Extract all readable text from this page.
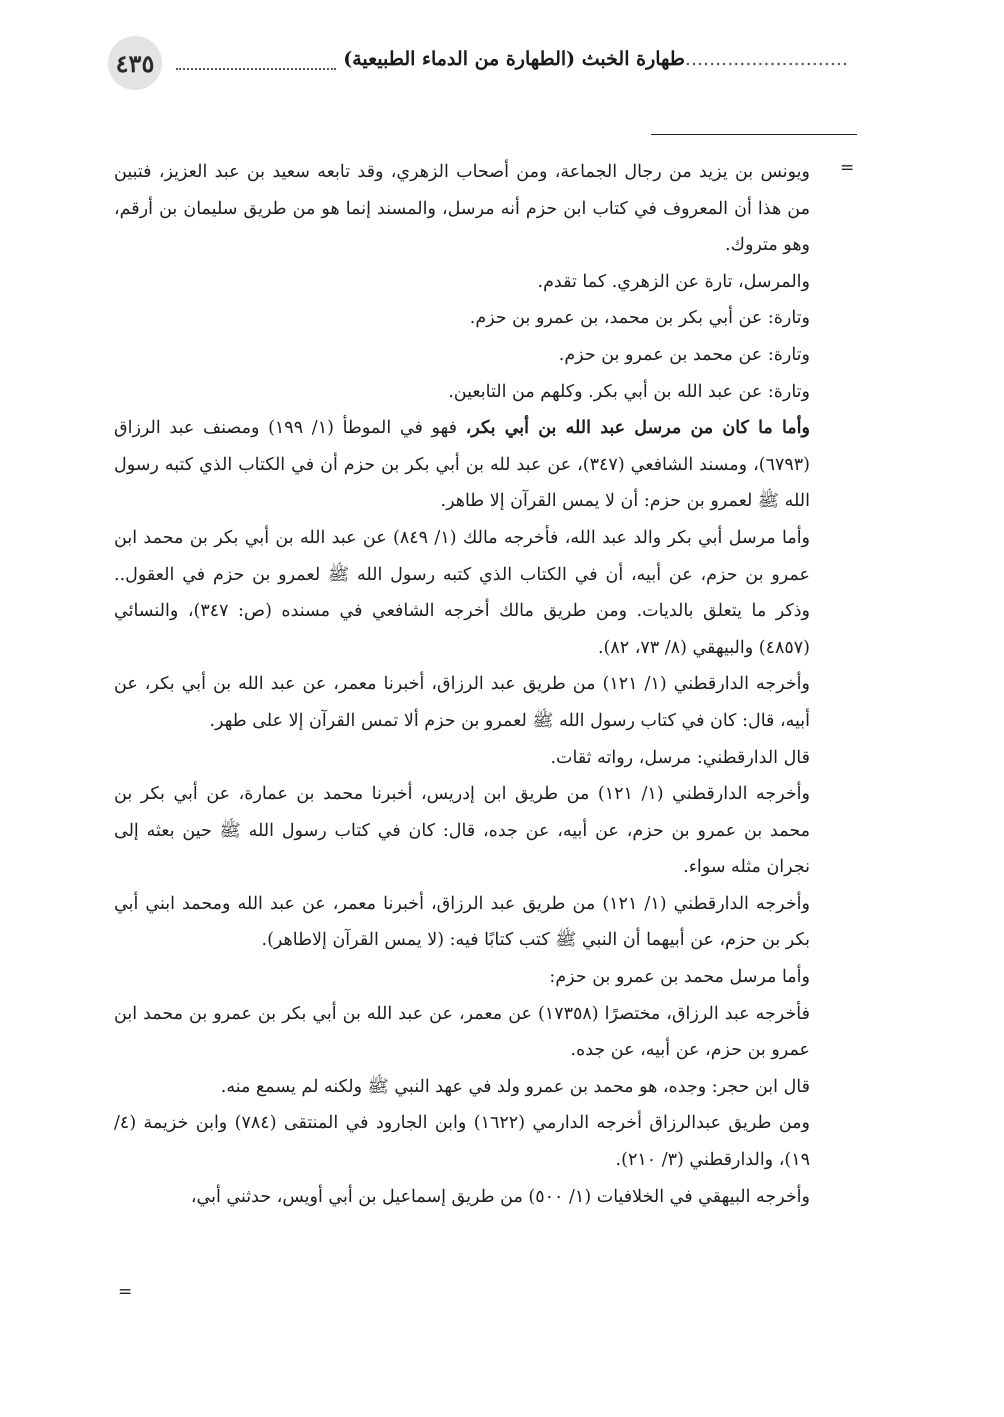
٤٣٥	...........................طهارة الخبث (الطهارة من الدماء الطبيعية)
=

ويونس بن يزيد من رجال الجماعة، ومن أصحاب الزهري، وقد تابعه سعيد بن عبد العزيز، فتبين من هذا أن المعروف في كتاب ابن حزم أنه مرسل، والمسند إنما هو من طريق سليمان بن أرقم، وهو متروك.

والمرسل، تارة عن الزهري. كما تقدم.

وتارة: عن أبي بكر بن محمد، بن عمرو بن حزم.

وتارة: عن محمد بن عمرو بن حزم.

وتارة: عن عبد الله بن أبي بكر. وكلهم من التابعين.

وأما ما كان من مرسل عبد الله بن أبي بكر، فهو في الموطأ (١/ ١٩٩) ومصنف عبد الرزاق (٦٧٩٣)، ومسند الشافعي (٣٤٧)، عن عبد لله بن أبي بكر بن حزم أن في الكتاب الذي كتبه رسول الله ﷺ لعمرو بن حزم: أن لا يمس القرآن إلا طاهر.

وأما مرسل أبي بكر والد عبد الله، فأخرجه مالك (١/ ٨٤٩) عن عبد الله بن أبي بكر بن محمد ابن عمرو بن حزم، عن أبيه، أن في الكتاب الذي كتبه رسول الله ﷺ لعمرو بن حزم في العقول.. وذكر ما يتعلق بالديات. ومن طريق مالك أخرجه الشافعي في مسنده (ص: ٣٤٧)، والنسائي (٤٨٥٧) والبيهقي (٨/ ٧٣، ٨٢).

وأخرجه الدارقطني (١/ ١٢١) من طريق عبد الرزاق، أخبرنا معمر، عن عبد الله بن أبي بكر، عن أبيه، قال: كان في كتاب رسول الله ﷺ لعمرو بن حزم ألا تمس القرآن إلا على طهر.

قال الدارقطني: مرسل، رواته ثقات.

وأخرجه الدارقطني (١/ ١٢١) من طريق ابن إدريس، أخبرنا محمد بن عمارة، عن أبي بكر بن محمد بن عمرو بن حزم، عن أبيه، عن جده، قال: كان في كتاب رسول الله ﷺ حين بعثه إلى نجران مثله سواء.

وأخرجه الدارقطني (١/ ١٢١) من طريق عبد الرزاق، أخبرنا معمر، عن عبد الله ومحمد ابني أبي بكر بن حزم، عن أبيهما أن النبي ﷺ كتب كتابًا فيه: (لا يمس القرآن إلاطاهر).

وأما مرسل محمد بن عمرو بن حزم:

فأخرجه عبد الرزاق، مختصرًا (١٧٣٥٨) عن معمر، عن عبد الله بن أبي بكر بن عمرو بن محمد ابن عمرو بن حزم، عن أبيه، عن جده.

قال ابن حجر: وجده، هو محمد بن عمرو ولد في عهد النبي ﷺ ولكنه لم يسمع منه.

ومن طريق عبدالرزاق أخرجه الدارمي (١٦٢٢) وابن الجارود في المنتقى (٧٨٤) وابن خزيمة (٤/ ١٩)، والدارقطني (٣/ ٢١٠).

وأخرجه البيهقي في الخلافيات (١/ ٥٠٠) من طريق إسماعيل بن أبي أويس، حدثني أبي،

=
